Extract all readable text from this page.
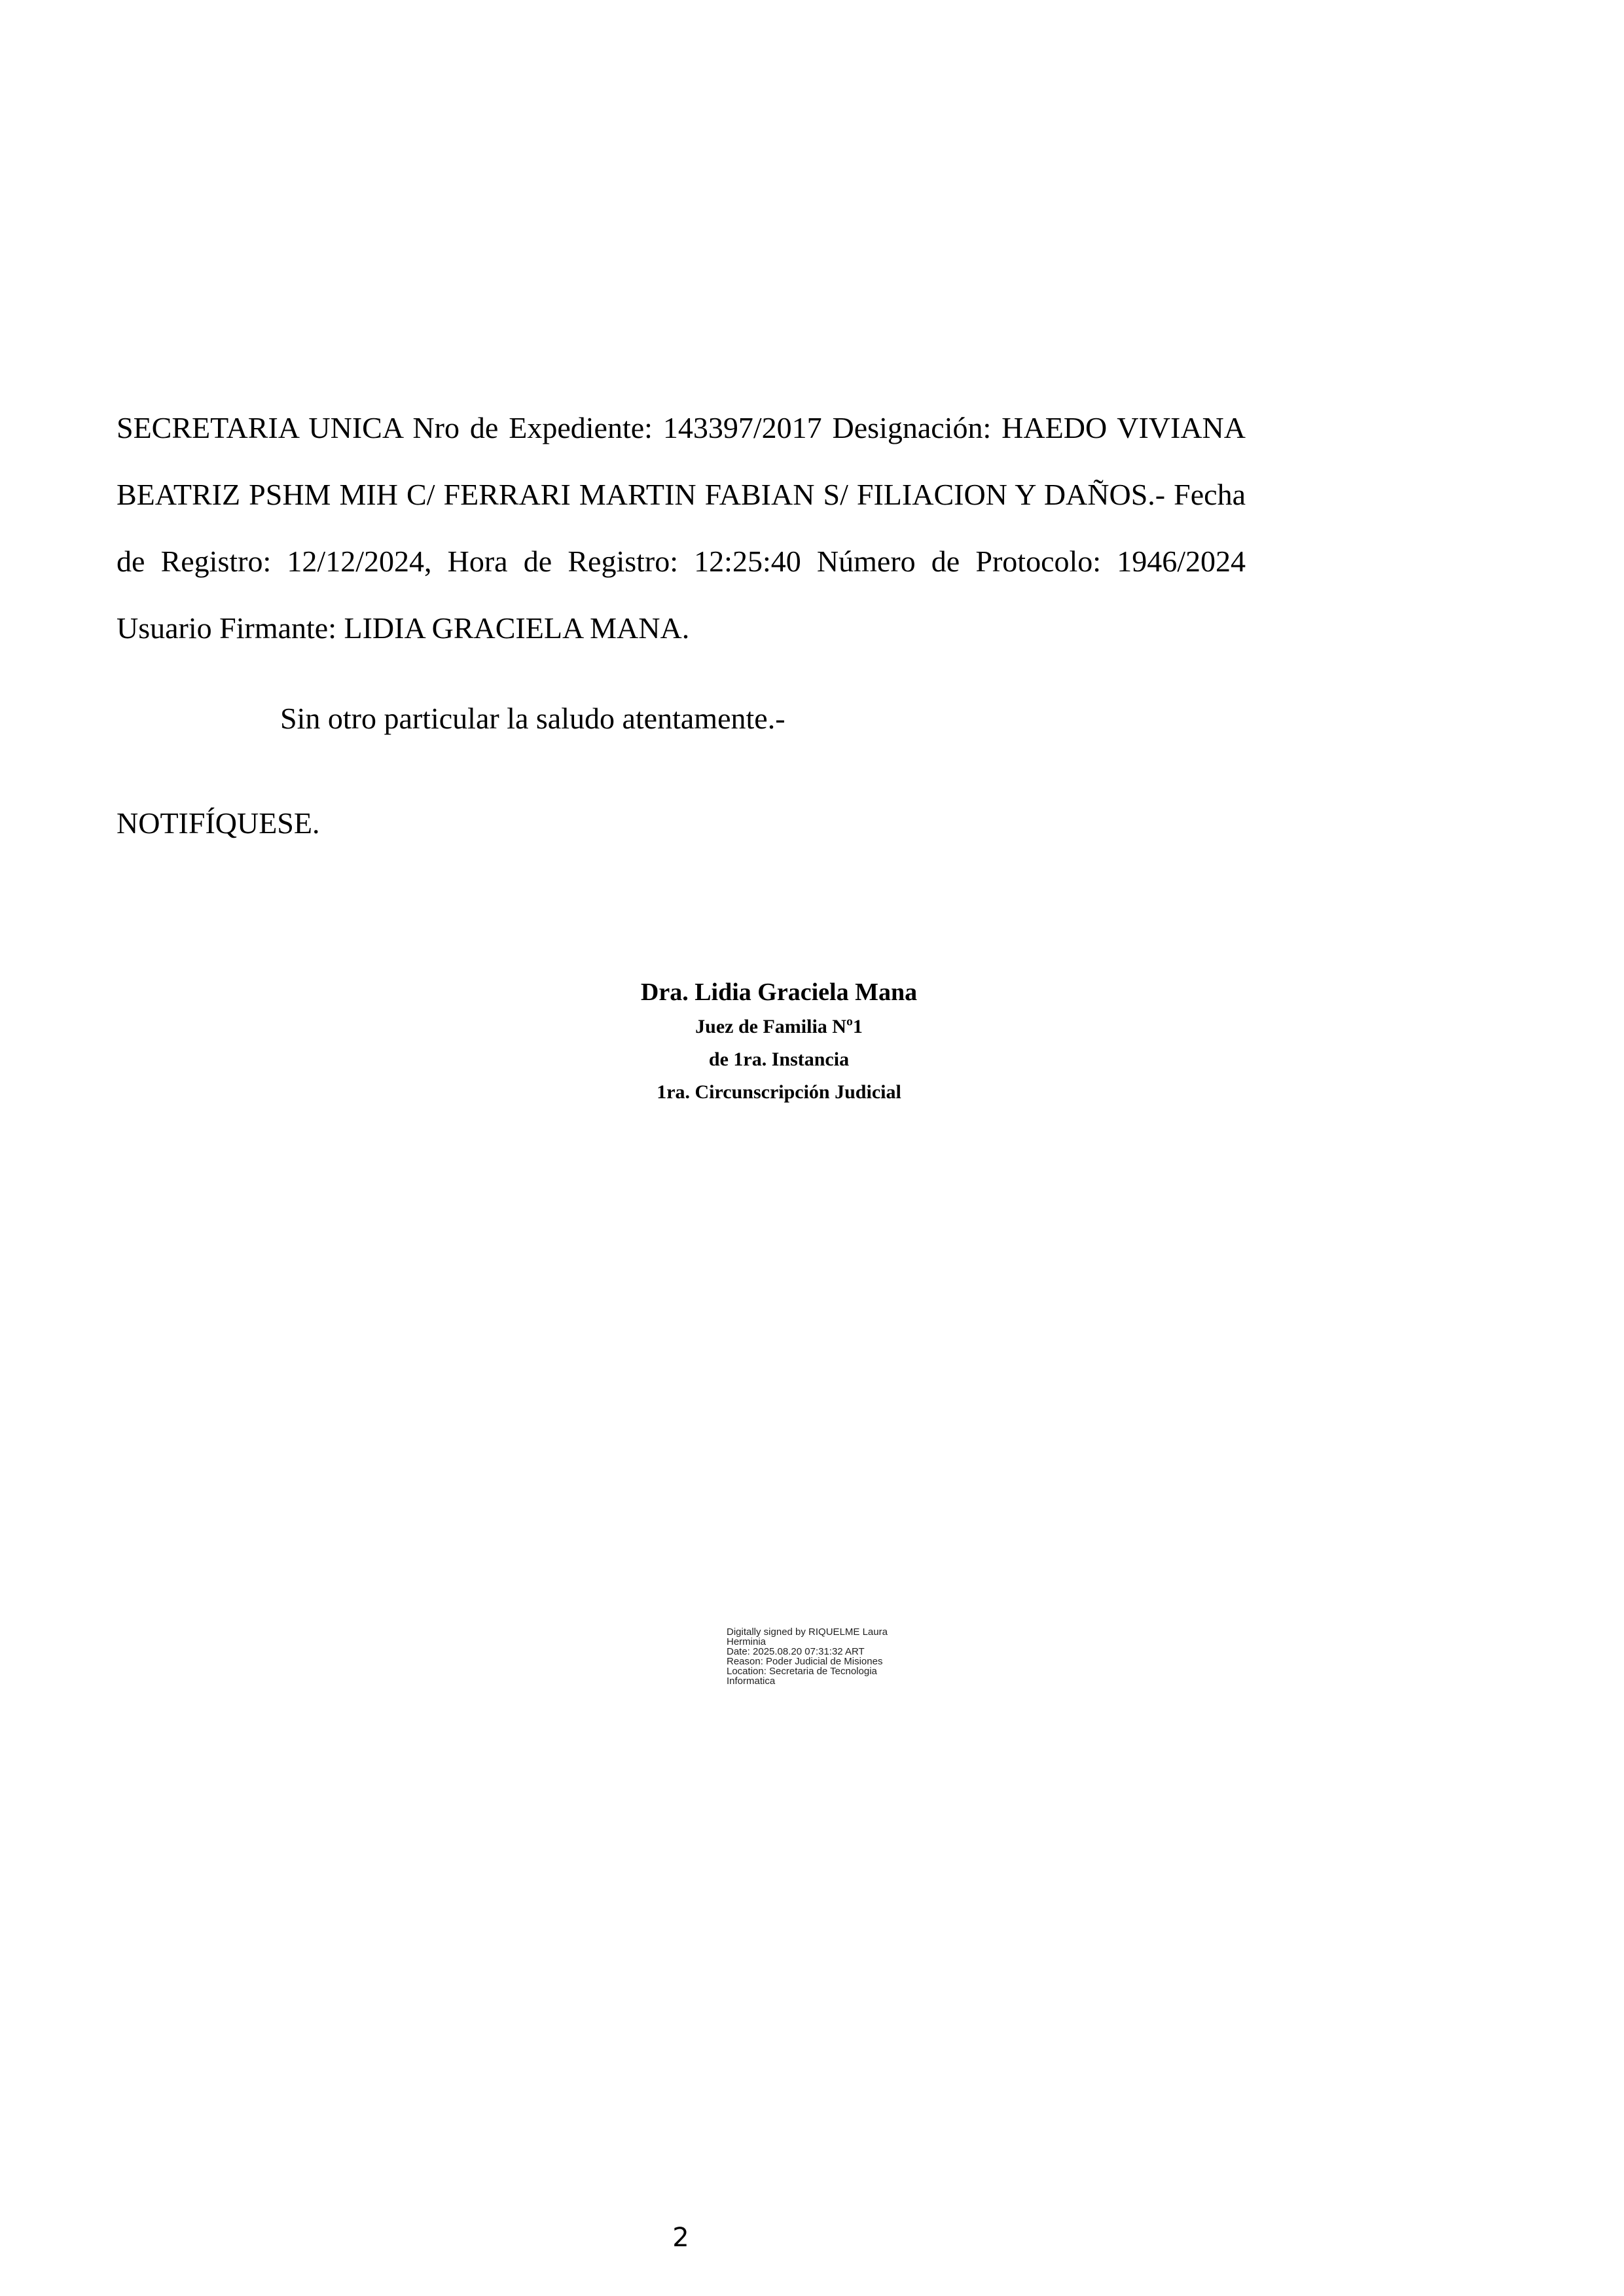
SECRETARIA UNICA Nro de Expediente: 143397/2017 Designación: HAEDO VIVIANA BEATRIZ PSHM MIH C/ FERRARI MARTIN FABIAN S/ FILIACION Y DAÑOS.- Fecha de Registro: 12/12/2024, Hora de Registro: 12:25:40 Número de Protocolo: 1946/2024 Usuario Firmante: LIDIA GRACIELA MANA.

Sin otro particular la saludo atentamente.-
NOTIFÍQUESE.
Dra. Lidia Graciela Mana
Juez de Familia Nº1
de 1ra. Instancia
1ra. Circunscripción Judicial
Digitally signed by RIQUELME Laura
Herminia
Date: 2025.08.20 07:31:32 ART
Reason: Poder Judicial de Misiones
Location: Secretaria de Tecnologia
Informatica
2
